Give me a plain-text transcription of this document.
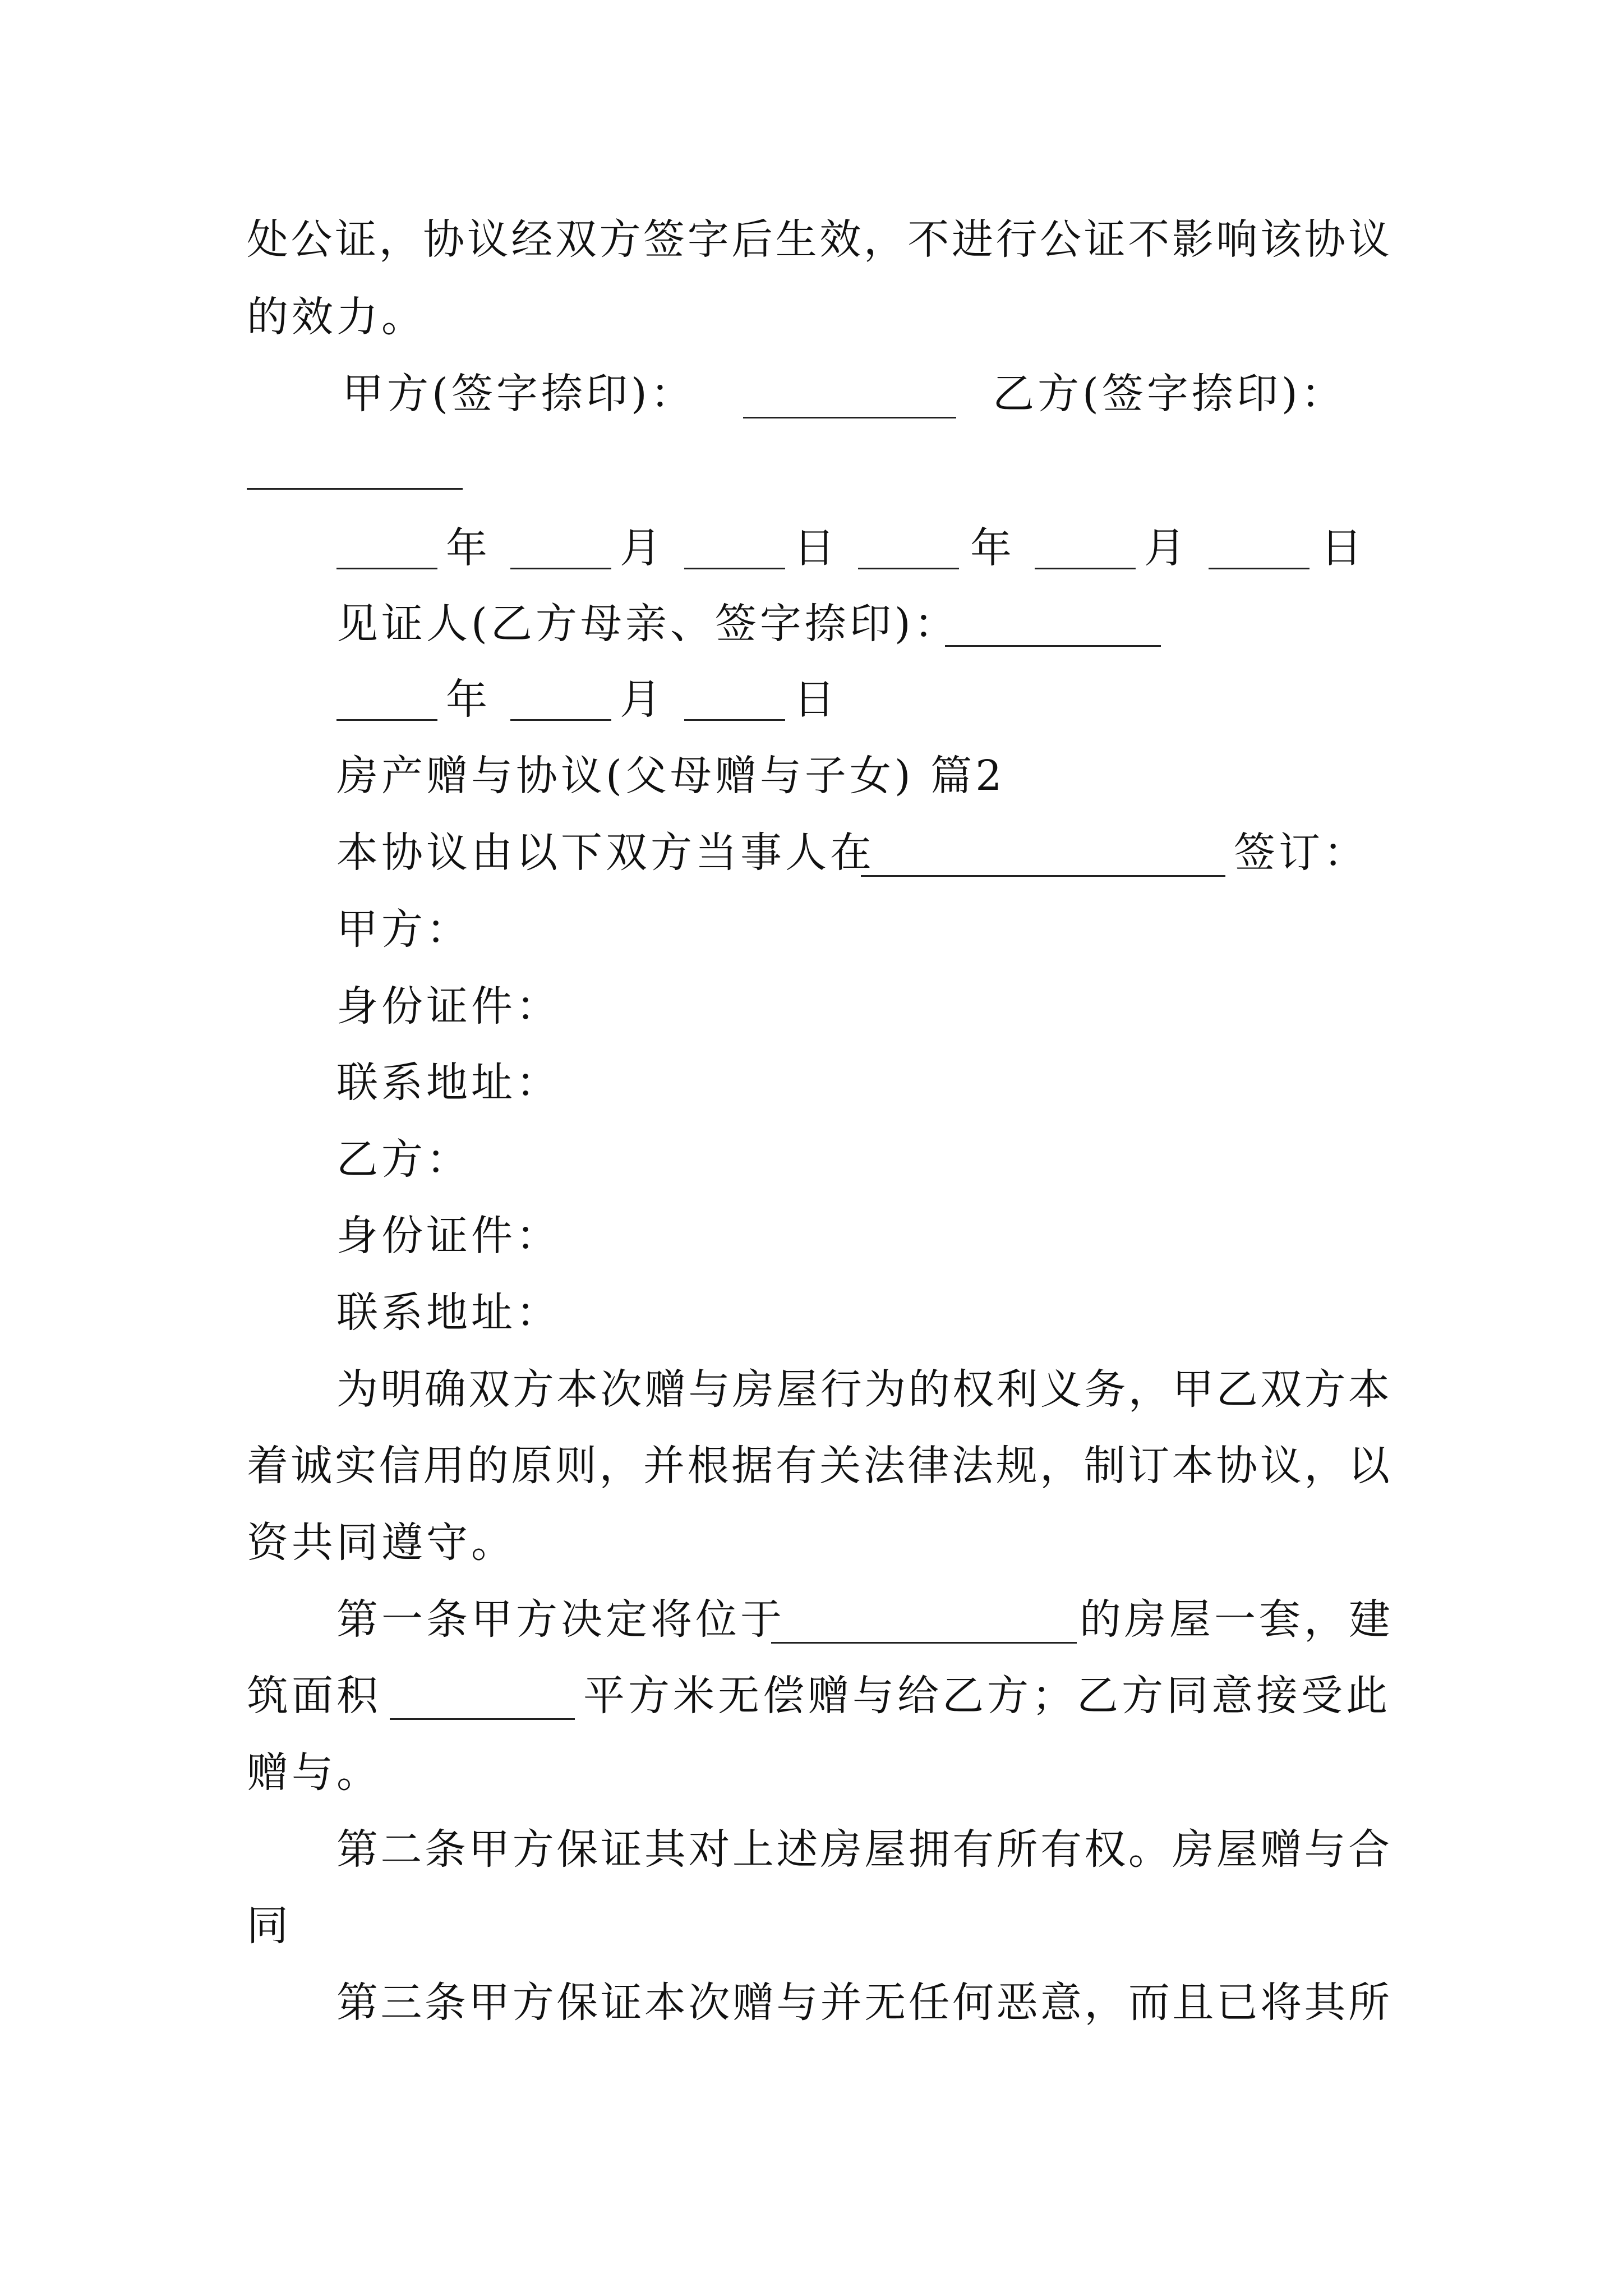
处公证，协议经双方签字后生效，不进行公证不影响该协议
的效力。
甲方(签字捺印)：	乙方(签字捺印)：
年	月	日	年	月	日
见证人(乙方母亲、签字捺印)：
年	月	日
房产赠与协议(父母赠与子女) 篇2
本协议由以下双方当事人在	签订：
甲方：
身份证件：
联系地址：
乙方：
身份证件：
联系地址：
为明确双方本次赠与房屋行为的权利义务，甲乙双方本
着诚实信用的原则，并根据有关法律法规，制订本协议，以
资共同遵守。
第一条甲方决定将位于	的房屋一套，建
筑面积	平方米无偿赠与给乙方；乙方同意接受此
赠与。
第二条甲方保证其对上述房屋拥有所有权。房屋赠与合
同
第三条甲方保证本次赠与并无任何恶意，而且已将其所
